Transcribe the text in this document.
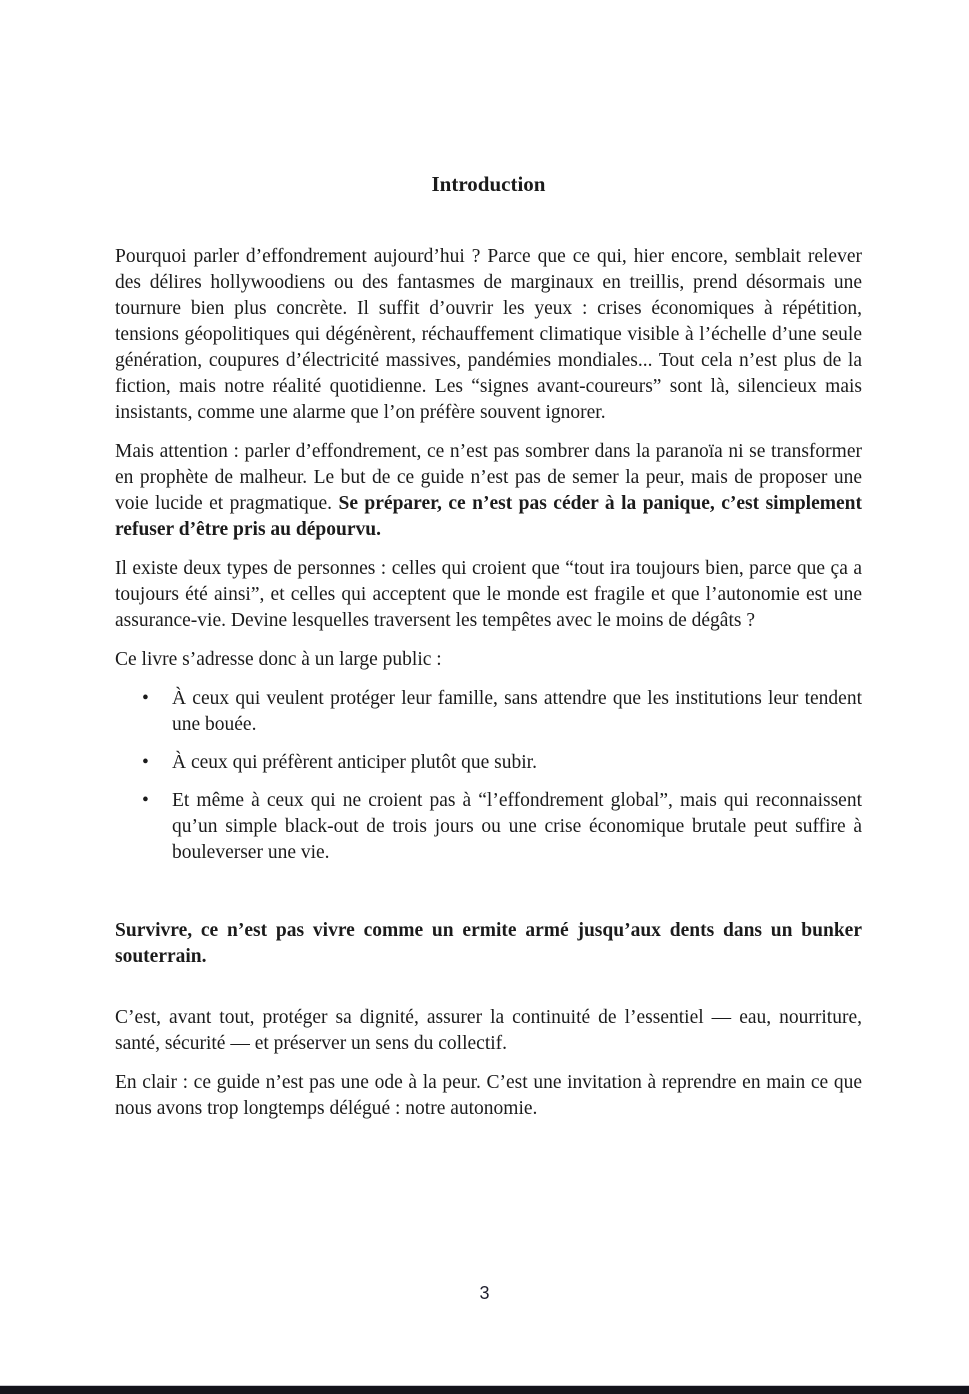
Introduction

Pourquoi parler d’effondrement aujourd’hui ? Parce que ce qui, hier encore, semblait relever des délires hollywoodiens ou des fantasmes de marginaux en treillis, prend désormais une tournure bien plus concrète. Il suffit d’ouvrir les yeux : crises économiques à répétition, tensions géopolitiques qui dégénèrent, réchauffement climatique visible à l’échelle d’une seule génération, coupures d’électricité massives, pandémies mondiales... Tout cela n’est plus de la fiction, mais notre réalité quotidienne. Les “signes avant-coureurs” sont là, silencieux mais insistants, comme une alarme que l’on préfère souvent ignorer.

Mais attention : parler d’effondrement, ce n’est pas sombrer dans la paranoïa ni se transformer en prophète de malheur. Le but de ce guide n’est pas de semer la peur, mais de proposer une voie lucide et pragmatique. Se préparer, ce n’est pas céder à la panique, c’est simplement refuser d’être pris au dépourvu.

Il existe deux types de personnes : celles qui croient que “tout ira toujours bien, parce que ça a toujours été ainsi”, et celles qui acceptent que le monde est fragile et que l’autonomie est une assurance-vie. Devine lesquelles traversent les tempêtes avec le moins de dégâts ?

Ce livre s’adresse donc à un large public :

• À ceux qui veulent protéger leur famille, sans attendre que les institutions leur tendent une bouée.
• À ceux qui préfèrent anticiper plutôt que subir.
• Et même à ceux qui ne croient pas à “l’effondrement global”, mais qui reconnaissent qu’un simple black-out de trois jours ou une crise économique brutale peut suffire à bouleverser une vie.

Survivre, ce n’est pas vivre comme un ermite armé jusqu’aux dents dans un bunker souterrain.

C’est, avant tout, protéger sa dignité, assurer la continuité de l’essentiel — eau, nourriture, santé, sécurité — et préserver un sens du collectif.

En clair : ce guide n’est pas une ode à la peur. C’est une invitation à reprendre en main ce que nous avons trop longtemps délégué : notre autonomie.

3
